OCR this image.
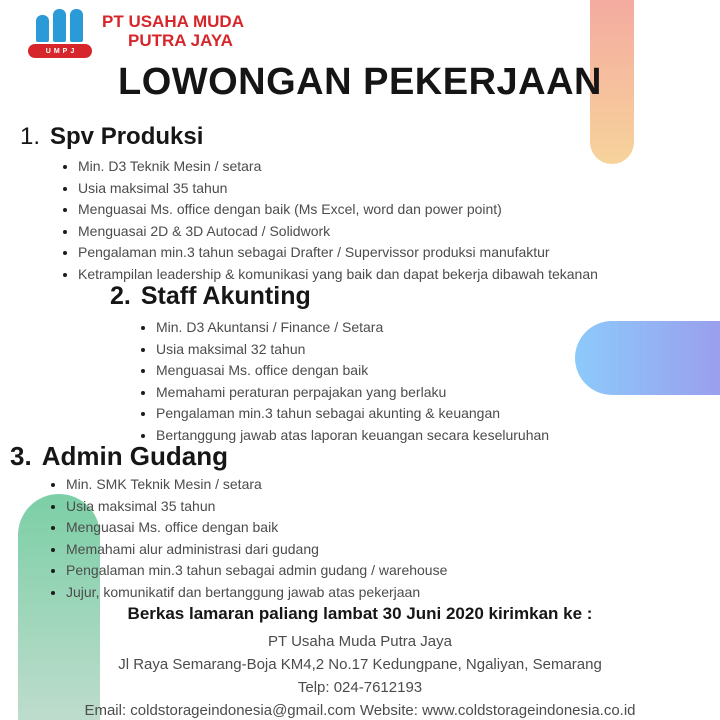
UMPJ
PT USAHA MUDA
PUTRA JAYA
LOWONGAN PEKERJAAN
1. Spv Produksi
• Min. D3 Teknik Mesin / setara
• Usia maksimal 35 tahun
• Menguasai Ms. office dengan baik (Ms Excel, word dan power point)
• Menguasai 2D & 3D Autocad / Solidwork
• Pengalaman min.3 tahun sebagai Drafter / Supervissor produksi manufaktur
• Ketrampilan leadership & komunikasi yang baik dan dapat bekerja dibawah tekanan
2. Staff Akunting
• Min. D3 Akuntansi / Finance / Setara
• Usia maksimal 32 tahun
• Menguasai Ms. office dengan baik
• Memahami peraturan perpajakan yang berlaku
• Pengalaman min.3 tahun sebagai akunting & keuangan
• Bertanggung jawab atas laporan keuangan secara keseluruhan
3. Admin Gudang
• Min. SMK Teknik Mesin / setara
• Usia maksimal 35 tahun
• Menguasai Ms. office dengan baik
• Memahami alur administrasi dari gudang
• Pengalaman min.3 tahun sebagai admin gudang / warehouse
• Jujur, komunikatif dan bertanggung jawab atas pekerjaan
Berkas lamaran paliang lambat 30 Juni 2020 kirimkan ke :
PT Usaha Muda Putra Jaya
Jl Raya Semarang-Boja KM4,2 No.17 Kedungpane, Ngaliyan, Semarang
Telp: 024-7612193
Email: coldstorageindonesia@gmail.com Website: www.coldstorageindonesia.co.id
